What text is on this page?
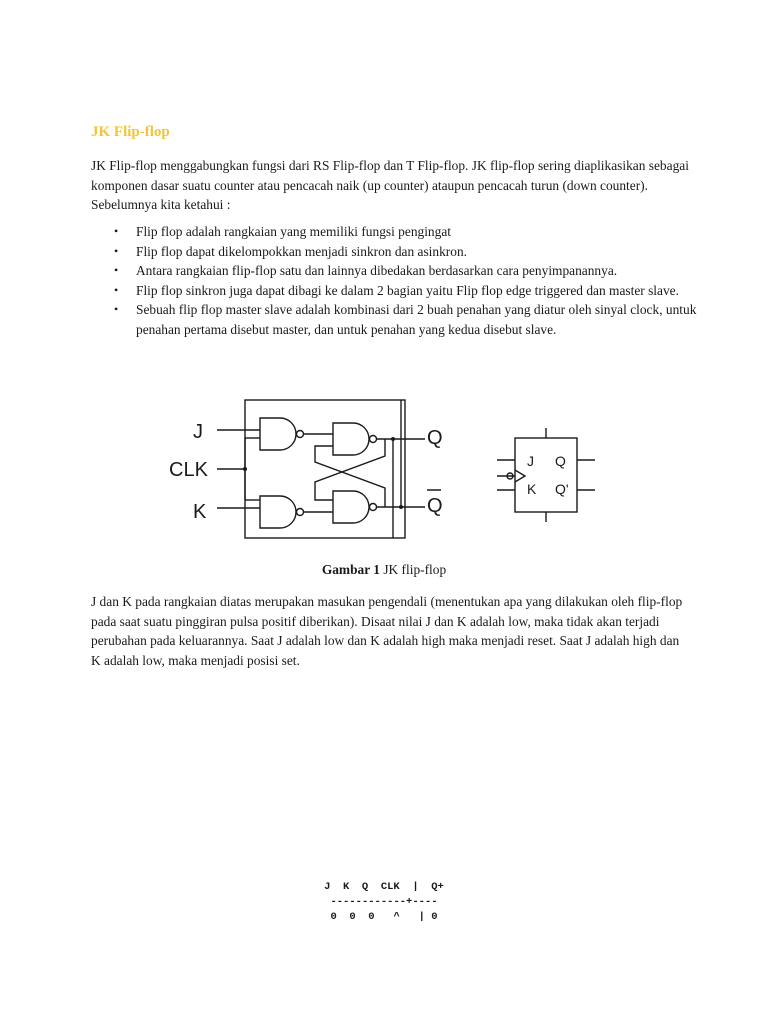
JK Flip-flop

JK Flip-flop menggabungkan fungsi dari RS Flip-flop dan T Flip-flop. JK flip-flop sering diaplikasikan sebagai komponen dasar suatu counter atau pencacah naik (up counter) ataupun pencacah turun (down counter). Sebelumnya kita ketahui :

• Flip flop adalah rangkaian yang memiliki fungsi pengingat
• Flip flop dapat dikelompokkan menjadi sinkron dan asinkron.
• Antara rangkaian flip-flop satu dan lainnya dibedakan berdasarkan cara penyimpanannya.
• Flip flop sinkron juga dapat dibagi ke dalam 2 bagian yaitu Flip flop edge triggered dan master slave.
• Sebuah flip flop master slave adalah kombinasi dari 2 buah penahan yang diatur oleh sinyal clock, untuk penahan pertama disebut master, dan untuk penahan yang kedua disebut slave.
J
CLK
K
Q
Q
J
K
Q
Q'
Gambar 1 JK flip-flop

J dan K pada rangkaian diatas merupakan masukan pengendali (menentukan apa yang dilakukan oleh flip-flop pada saat suatu pinggiran pulsa positif diberikan). Disaat nilai J dan K adalah low, maka tidak akan terjadi perubahan pada keluarannya. Saat J adalah low dan K adalah high maka menjadi reset. Saat J adalah high dan K adalah low, maka menjadi posisi set.

J  K  Q  CLK  |  Q+
------------+----
0  0  0   ^   | 0
